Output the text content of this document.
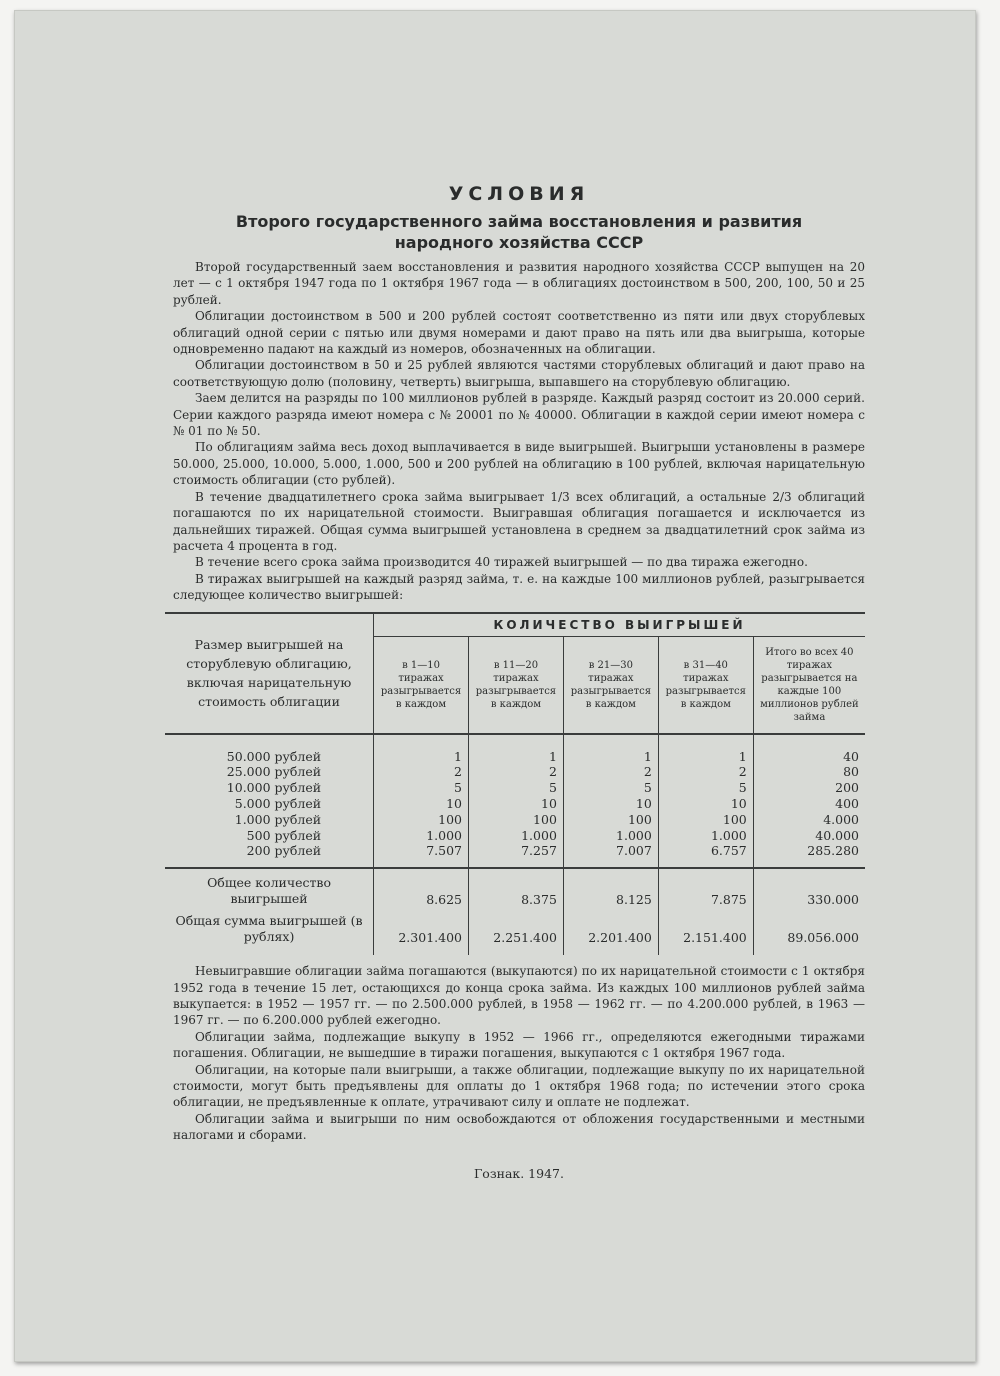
УСЛОВИЯ
Второго государственного займа восстановления и развития
народного хозяйства СССР

Второй государственный заем восстановления и развития народного хозяйства СССР выпущен на 20 лет — с 1 октября 1947 года по 1 октября 1967 года — в облигациях достоинством в 500, 200, 100, 50 и 25 рублей.

Облигации достоинством в 500 и 200 рублей состоят соответственно из пяти или двух сторублевых облигаций одной серии с пятью или двумя номерами и дают право на пять или два выигрыша, которые одновременно падают на каждый из номеров, обозначенных на облигации.

Облигации достоинством в 50 и 25 рублей являются частями сторублевых облигаций и дают право на соответствующую долю (половину, четверть) выигрыша, выпавшего на сторублевую облигацию.

Заем делится на разряды по 100 миллионов рублей в разряде. Каждый разряд состоит из 20.000 серий. Серии каждого разряда имеют номера с № 20001 по № 40000. Облигации в каждой серии имеют номера с № 01 по № 50.

По облигациям займа весь доход выплачивается в виде выигрышей. Выигрыши установлены в размере 50.000, 25.000, 10.000, 5.000, 1.000, 500 и 200 рублей на облигацию в 100 рублей, включая нарицательную стоимость облигации (сто рублей).

В течение двадцатилетнего срока займа выигрывает 1/3 всех облигаций, а остальные 2/3 облигаций погашаются по их нарицательной стоимости. Выигравшая облигация погашается и исключается из дальнейших тиражей. Общая сумма выигрышей установлена в среднем за двадцатилетний срок займа из расчета 4 процента в год.

В течение всего срока займа производится 40 тиражей выигрышей — по два тиража ежегодно.

В тиражах выигрышей на каждый разряд займа, т. е. на каждые 100 миллионов рублей, разыгрывается следующее количество выигрышей:

Размер выигрышей на сторублевую облигацию, включая нарицательную стоимость облигации	КОЛИЧЕСТВО ВЫИГРЫШЕЙ				
	в 1—10 тиражах разыгрывается в каждом	в 11—20 тиражах разыгрывается в каждом	в 21—30 тиражах разыгрывается в каждом	в 31—40 тиражах разыгрывается в каждом	Итого во всех 40 тиражах разыгрывается на каждые 100 миллионов рублей займа
50.000 рублей	1	1	1	1	40
25.000 рублей	2	2	2	2	80
10.000 рублей	5	5	5	5	200
5.000 рублей	10	10	10	10	400
1.000 рублей	100	100	100	100	4.000
500 рублей	1.000	1.000	1.000	1.000	40.000
200 рублей	7.507	7.257	7.007	6.757	285.280
Общее количество выигрышей	8.625	8.375	8.125	7.875	330.000
Общая сумма выигрышей (в рублях)	2.301.400	2.251.400	2.201.400	2.151.400	89.056.000

Невыигравшие облигации займа погашаются (выкупаются) по их нарицательной стоимости с 1 октября 1952 года в течение 15 лет, остающихся до конца срока займа. Из каждых 100 миллионов рублей займа выкупается: в 1952 — 1957 гг. — по 2.500.000 рублей, в 1958 — 1962 гг. — по 4.200.000 рублей, в 1963 — 1967 гг. — по 6.200.000 рублей ежегодно.

Облигации займа, подлежащие выкупу в 1952 — 1966 гг., определяются ежегодными тиражами погашения. Облигации, не вышедшие в тиражи погашения, выкупаются с 1 октября 1967 года.

Облигации, на которые пали выигрыши, а также облигации, подлежащие выкупу по их нарицательной стоимости, могут быть предъявлены для оплаты до 1 октября 1968 года; по истечении этого срока облигации, не предъявленные к оплате, утрачивают силу и оплате не подлежат.

Облигации займа и выигрыши по ним освобождаются от обложения государственными и местными налогами и сборами.

Гознак. 1947.
